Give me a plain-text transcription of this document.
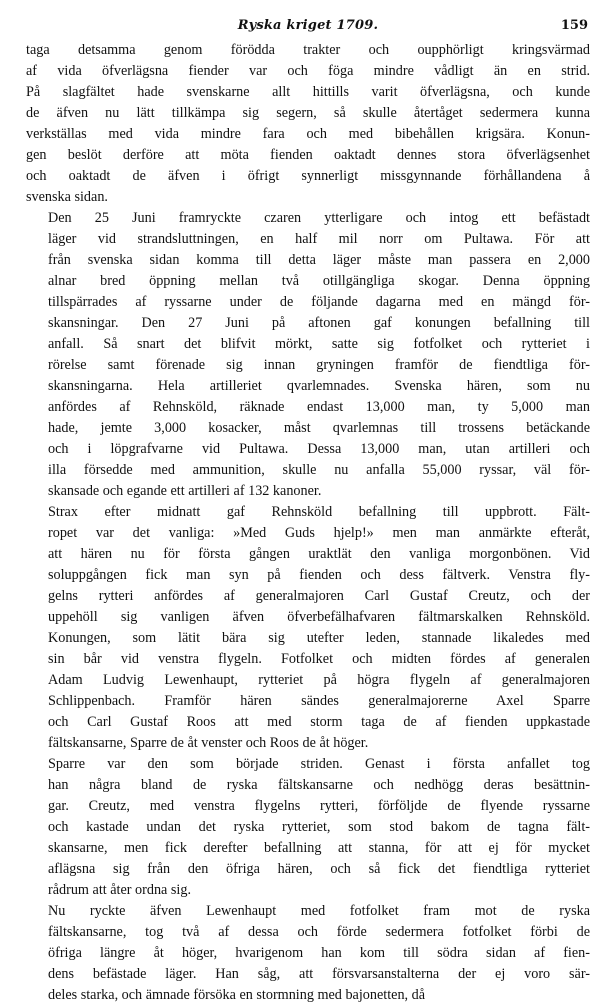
Ryska kriget 1709.	159

taga detsamma genom förödda trakter och oupphörligt kringsvärmad
af vida öfverlägsna fiender var och föga mindre vådligt än en strid.
På slagfältet hade svenskarne allt hittills varit öfverlägsna, och kunde
de äfven nu lätt tillkämpa sig segern, så skulle återtåget sedermera kunna
verkställas med vida mindre fara och med bibehållen krigsära. Konun-
gen beslöt derföre att möta fienden oaktadt dennes stora öfverlägsenhet
och oaktadt de äfven i öfrigt synnerligt missgynnande förhållandena å
svenska sidan.

Den 25 Juni framryckte czaren ytterligare och intog ett befästadt
läger vid strandsluttningen, en half mil norr om Pultawa. För att
från svenska sidan komma till detta läger måste man passera en 2,000
alnar bred öppning mellan två otillgängliga skogar. Denna öppning
tillspärrades af ryssarne under de följande dagarna med en mängd för-
skansningar. Den 27 Juni på aftonen gaf konungen befallning till
anfall. Så snart det blifvit mörkt, satte sig fotfolket och rytteriet i
rörelse samt förenade sig innan gryningen framför de fiendtliga för-
skansningarna. Hela artilleriet qvarlemnades. Svenska hären, som nu
anfördes af Rehnsköld, räknade endast 13,000 man, ty 5,000 man
hade, jemte 3,000 kosacker, måst qvarlemnas till trossens betäckande
och i löpgrafvarne vid Pultawa. Dessa 13,000 man, utan artilleri och
illa försedde med ammunition, skulle nu anfalla 55,000 ryssar, väl för-
skansade och egande ett artilleri af 132 kanoner.

Strax efter midnatt gaf Rehnsköld befallning till uppbrott. Fält-
ropet var det vanliga: »Med Guds hjelp!» men man anmärkte efteråt,
att hären nu för första gången uraktlät den vanliga morgonbönen. Vid
soluppgången fick man syn på fienden och dess fältverk. Venstra fly-
gelns rytteri anfördes af generalmajoren Carl Gustaf Creutz, och der
uppehöll sig vanligen äfven öfverbefälhafvaren fältmarskalken Rehnsköld.
Konungen, som lätit bära sig utefter leden, stannade likaledes med
sin bår vid venstra flygeln. Fotfolket och midten fördes af generalen
Adam Ludvig Lewenhaupt, rytteriet på högra flygeln af generalmajoren
Schlippenbach. Framför hären sändes generalmajorerne Axel Sparre
och Carl Gustaf Roos att med storm taga de af fienden uppkastade
fältskansarne, Sparre de åt venster och Roos de åt höger.

Sparre var den som började striden. Genast i första anfallet tog
han några bland de ryska fältskansarne och nedhögg deras besättnin-
gar. Creutz, med venstra flygelns rytteri, förföljde de flyende ryssarne
och kastade undan det ryska rytteriet, som stod bakom de tagna fält-
skansarne, men fick derefter befallning att stanna, för att ej för mycket
aflägsna sig från den öfriga hären, och så fick det fiendtliga rytteriet
rådrum att åter ordna sig.

Nu ryckte äfven Lewenhaupt med fotfolket fram mot de ryska
fältskansarne, tog två af dessa och förde sedermera fotfolket förbi de
öfriga längre åt höger, hvarigenom han kom till södra sidan af fien-
dens befästade läger. Han såg, att försvarsanstalterna der ej voro sär-
deles starka, och ämnade försöka en stormning med bajonetten, då
